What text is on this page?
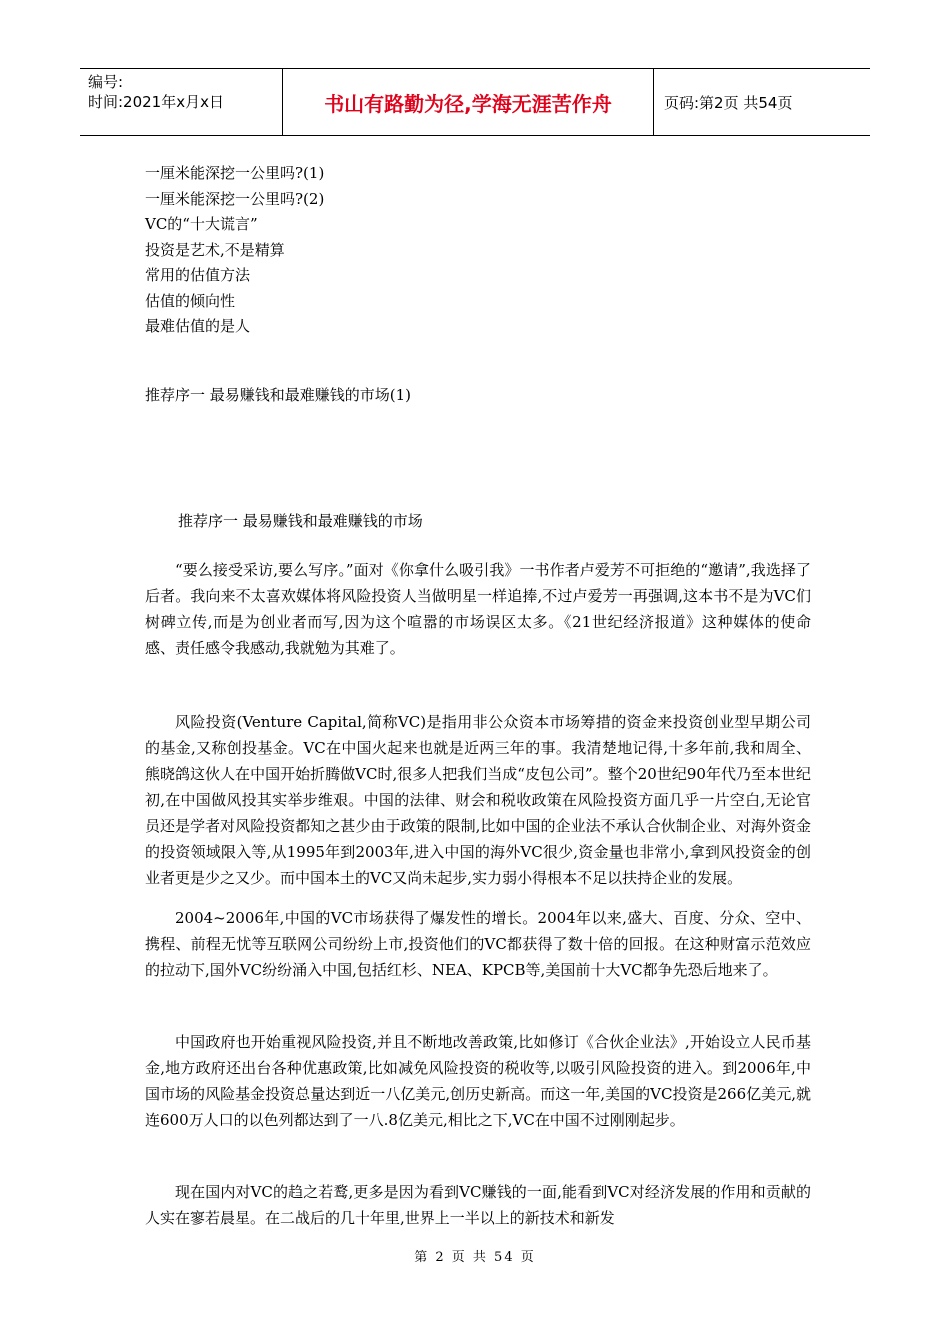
编号:
时间:2021年x月x日	书山有路勤为径,学海无涯苦作舟	页码:第2页 共54页
一厘米能深挖一公里吗?(1)
一厘米能深挖一公里吗?(2)
VC的“十大谎言”
投资是艺术,不是精算
常用的估值方法
估值的倾向性
最难估值的是人
推荐序一 最易赚钱和最难赚钱的市场(1)
推荐序一 最易赚钱和最难赚钱的市场
“要么接受采访,要么写序。”面对《你拿什么吸引我》一书作者卢爱芳不可拒绝的“邀请”,我选择了后者。我向来不太喜欢媒体将风险投资人当做明星一样追捧,不过卢爱芳一再强调,这本书不是为VC们树碑立传,而是为创业者而写,因为这个喧嚣的市场误区太多。《21世纪经济报道》这种媒体的使命感、责任感令我感动,我就勉为其难了。
风险投资(Venture Capital,简称VC)是指用非公众资本市场筹措的资金来投资创业型早期公司的基金,又称创投基金。VC在中国火起来也就是近两三年的事。我清楚地记得,十多年前,我和周全、熊晓鸽这伙人在中国开始折腾做VC时,很多人把我们当成“皮包公司”。整个20世纪90年代乃至本世纪初,在中国做风投其实举步维艰。中国的法律、财会和税收政策在风险投资方面几乎一片空白,无论官员还是学者对风险投资都知之甚少由于政策的限制,比如中国的企业法不承认合伙制企业、对海外资金的投资领域限入等,从1995年到2003年,进入中国的海外VC很少,资金量也非常小,拿到风投资金的创业者更是少之又少。而中国本土的VC又尚未起步,实力弱小得根本不足以扶持企业的发展。
2004~2006年,中国的VC市场获得了爆发性的增长。2004年以来,盛大、百度、分众、空中、携程、前程无忧等互联网公司纷纷上市,投资他们的VC都获得了数十倍的回报。在这种财富示范效应的拉动下,国外VC纷纷涌入中国,包括红杉、NEA、KPCB等,美国前十大VC都争先恐后地来了。
中国政府也开始重视风险投资,并且不断地改善政策,比如修订《合伙企业法》,开始设立人民币基金,地方政府还出台各种优惠政策,比如减免风险投资的税收等,以吸引风险投资的进入。到2006年,中国市场的风险基金投资总量达到近一八亿美元,创历史新高。而这一年,美国的VC投资是266亿美元,就连600万人口的以色列都达到了一八.8亿美元,相比之下,VC在中国不过刚刚起步。
现在国内对VC的趋之若鹜,更多是因为看到VC赚钱的一面,能看到VC对经济发展的作用和贡献的人实在寥若晨星。在二战后的几十年里,世界上一半以上的新技术和新发
第 2 页 共 54 页
